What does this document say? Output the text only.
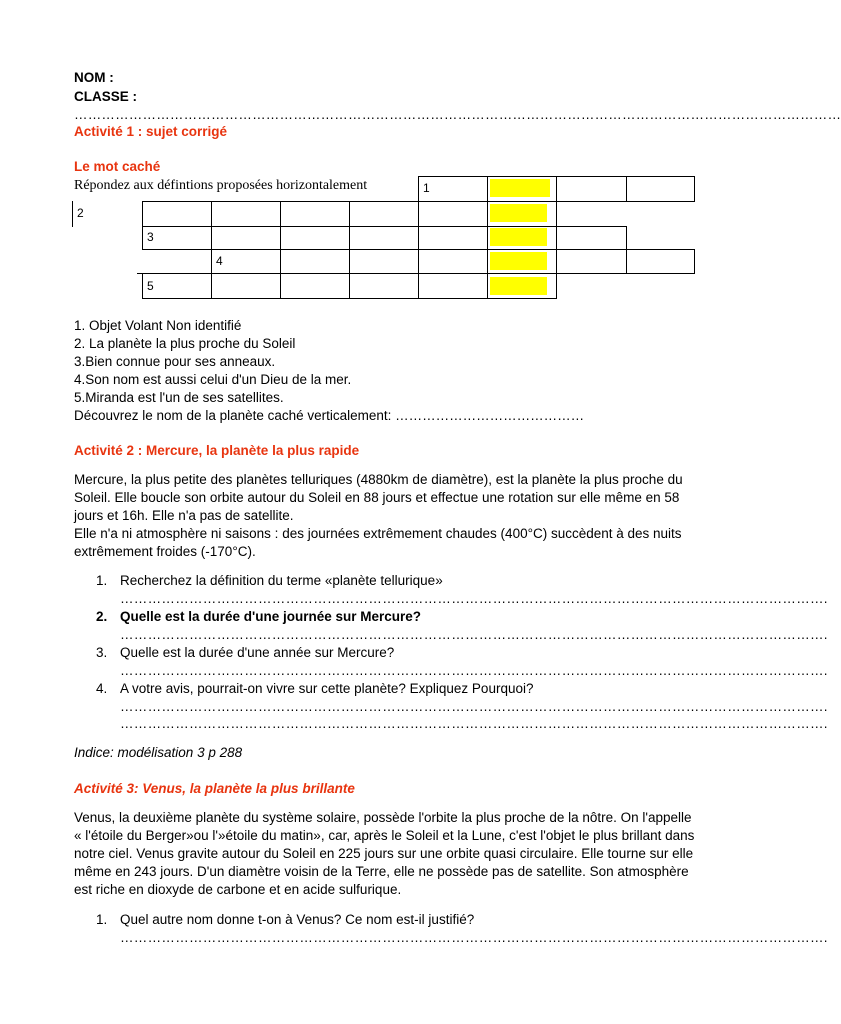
NOM :
CLASSE :
……………………………………………………………………………………………………………………………………………………
Activité 1 : sujet corrigé
Le mot caché
Répondez aux défintions proposées horizontalement	1
2
3
4
5
1. Objet Volant Non identifié
2. La planète la plus proche du Soleil
3.Bien connue pour ses anneaux.
4.Son nom est aussi celui d'un Dieu de la mer.
5.Miranda est l'un de ses satellites.
Découvrez le nom de la planète caché verticalement: ……………………………………
Activité 2 : Mercure, la planète la plus rapide

Mercure, la plus petite des planètes telluriques (4880km de diamètre), est la planète la plus proche du Soleil. Elle boucle son orbite autour du Soleil en 88 jours et effectue une rotation sur elle même en 58 jours et 16h. Elle n'a pas de satellite.

Elle n'a ni atmosphère ni saisons : des journées extrêmement chaudes (400°C) succèdent à des nuits extrêmement froides (-170°C).

1. Recherchez la définition du terme «planète tellurique»
……………………………………………………………………………………………………………………………………….
2. Quelle est la durée d'une journée sur Mercure?
……………………………………………………………………………………………………………………………………….
3. Quelle est la durée d'une année sur Mercure?
……………………………………………………………………………………………………………………………………….
4. A votre avis, pourrait-on vivre sur cette planète? Expliquez Pourquoi?
……………………………………………………………………………………………………………………………………….
……………………………………………………………………………………………………………………………………….
Indice: modélisation 3 p 288
Activité 3: Venus, la planète la plus brillante

Venus, la deuxième planète du système solaire, possède l'orbite la plus proche de la nôtre. On l'appelle « l'étoile du Berger»ou l'»étoile du matin», car, après le Soleil et la Lune, c'est l'objet le plus brillant dans notre ciel. Venus gravite autour du Soleil en 225 jours sur une orbite quasi circulaire. Elle tourne sur elle même en 243 jours. D'un diamètre voisin de la Terre, elle ne possède pas de satellite. Son atmosphère est riche en dioxyde de carbone et en acide sulfurique.

1. Quel autre nom donne t-on à Venus? Ce nom est-il justifié?
……………………………………………………………………………………………………………………………………….
